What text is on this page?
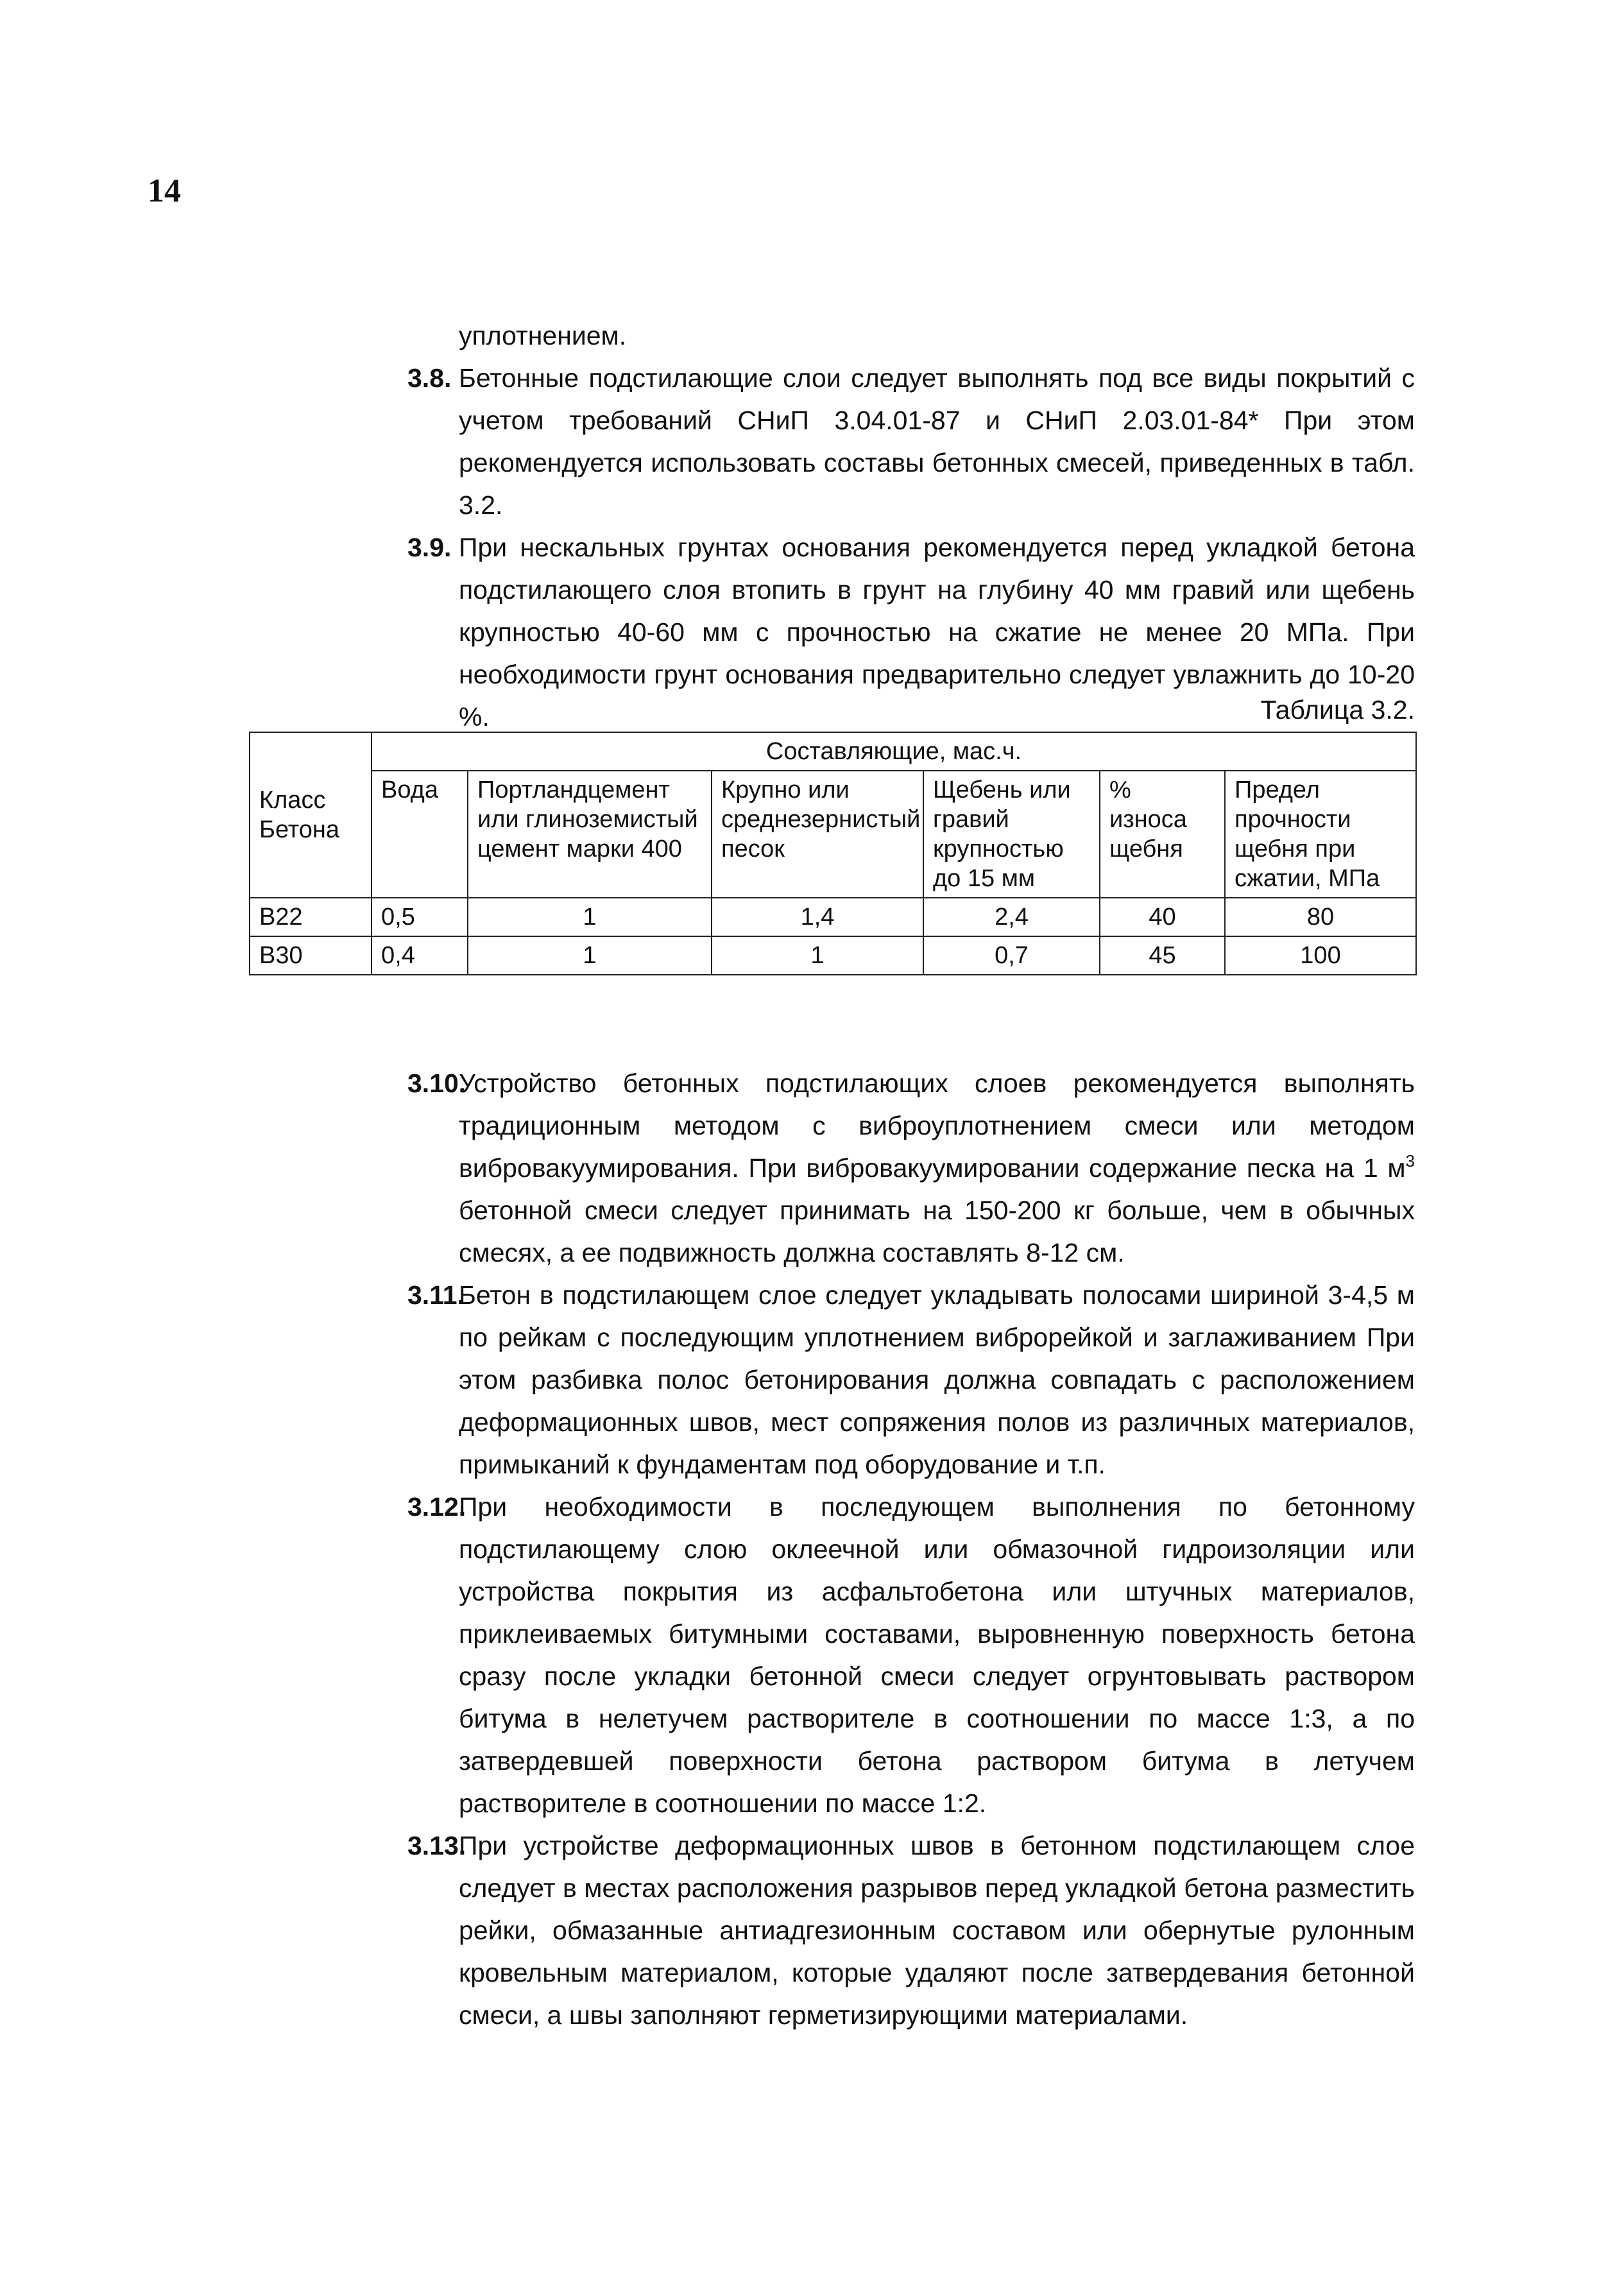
14

уплотнением.

3.8. Бетонные подстилающие слои следует выполнять под все виды покрытий с учетом требований СНиП 3.04.01-87 и СНиП 2.03.01-84* При этом рекомендуется использовать составы бетонных смесей, приведенных в табл. 3.2.

3.9. При нескальных грунтах основания рекомендуется перед укладкой бетона подстилающего слоя втопить в грунт на глубину 40 мм гравий или щебень крупностью 40-60 мм с прочностью на сжатие не менее 20 МПа. При необходимости грунт основания предварительно следует увлажнить до 10-20 %.	Таблица 3.2.
Класс Бетона	Составляющие, мас.ч.					
	Вода	Портландцемент или глиноземистый цемент марки 400	Крупно или среднезернистый песок	Щебень или гравий крупностью до 15 мм	% износа щебня	Предел прочности щебня при сжатии, МПа
В22	0,5	1	1,4	2,4	40	80
В30	0,4	1	1	0,7	45	100

3.10.
Устройство бетонных подстилающих слоев рекомендуется выполнять традиционным методом с виброуплотнением смеси или методом вибровакуумирования. При вибровакуумировании содержание песка на 1 $м^3$ бетонной смеси следует принимать на 150-200 кг больше, чем в обычных смесях, а ее подвижность должна составлять 8-12 см.

3.11.
Бетон в подстилающем слое следует укладывать полосами шириной 3-4,5 м по рейкам с последующим уплотнением виброрейкой и заглаживанием При этом разбивка полос бетонирования должна совпадать с расположением деформационных швов, мест сопряжения полов из различных материалов, примыканий к фундаментам под оборудование и т.п.

3.12.
При необходимости в последующем выполнения по бетонному подстилающему слою оклеечной или обмазочной гидроизоляции или устройства покрытия из асфальтобетона или штучных материалов, приклеиваемых битумными составами, выровненную поверхность бетона сразу после укладки бетонной смеси следует огрунтовывать раствором битума в нелетучем растворителе в соотношении по массе 1:3, а по затвердевшей поверхности бетона раствором битума в летучем растворителе в соотношении по массе 1:2.

3.13.
При устройстве деформационных швов в бетонном подстилающем слое следует в местах расположения разрывов перед укладкой бетона разместить рейки, обмазанные антиадгезионным составом или обернутые рулонным кровельным материалом, которые удаляют после затвердевания бетонной смеси, а швы заполняют герметизирующими материалами.
